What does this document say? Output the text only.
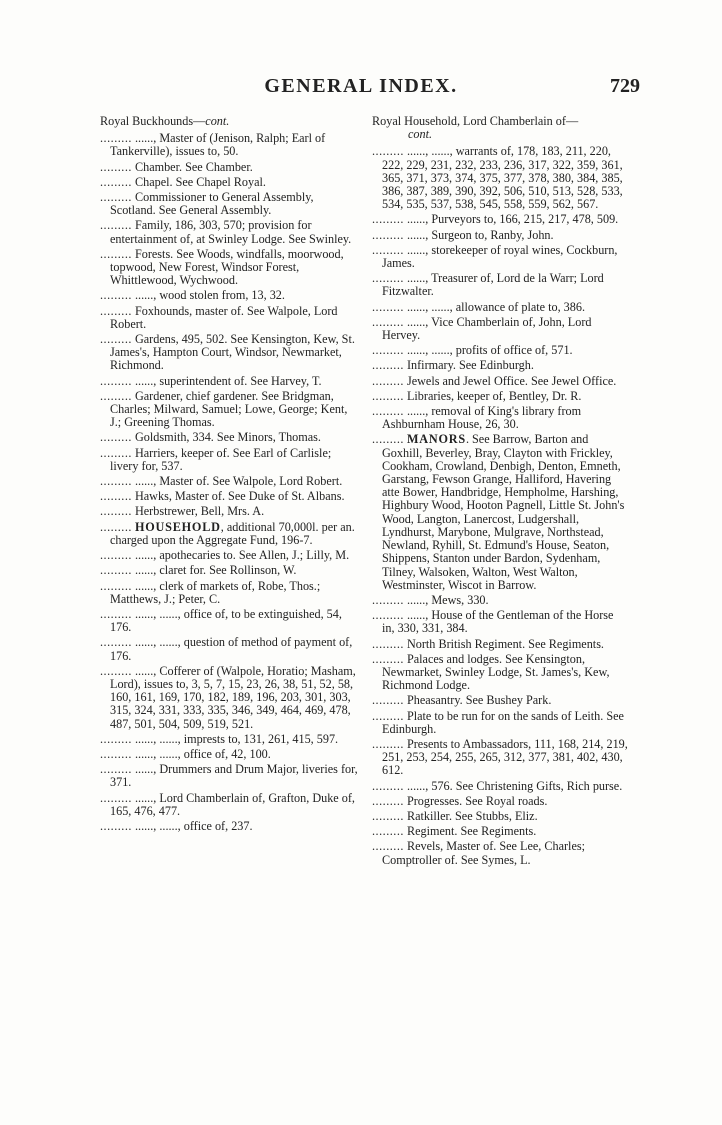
GENERAL INDEX.	729
Royal Buckhounds—cont.
......... ......, Master of (Jenison, Ralph; Earl of Tankerville), issues to, 50.
......... Chamber. See Chamber.
......... Chapel. See Chapel Royal.
......... Commissioner to General Assembly, Scotland. See General Assembly.
......... Family, 186, 303, 570; provision for entertainment of, at Swinley Lodge. See Swinley.
......... Forests. See Woods, windfalls, moorwood, topwood, New Forest, Windsor Forest, Whittlewood, Wychwood.
......... ......, wood stolen from, 13, 32.
......... Foxhounds, master of. See Walpole, Lord Robert.
......... Gardens, 495, 502. See Kensington, Kew, St. James's, Hampton Court, Windsor, Newmarket, Richmond.
......... ......, superintendent of. See Harvey, T.
......... Gardener, chief gardener. See Bridgman, Charles; Milward, Samuel; Lowe, George; Kent, J.; Greening Thomas.
......... Goldsmith, 334. See Minors, Thomas.
......... Harriers, keeper of. See Earl of Carlisle; livery for, 537.
......... ......, Master of. See Walpole, Lord Robert.
......... Hawks, Master of. See Duke of St. Albans.
......... Herbstrewer, Bell, Mrs. A.
......... HOUSEHOLD, additional 70,000l. per an. charged upon the Aggregate Fund, 196-7.
......... ......, apothecaries to. See Allen, J.; Lilly, M.
......... ......, claret for. See Rollinson, W.
......... ......, clerk of markets of, Robe, Thos.; Matthews, J.; Peter, C.
......... ......, ......, office of, to be extinguished, 54, 176.
......... ......, ......, question of method of payment of, 176.
......... ......, Cofferer of (Walpole, Horatio; Masham, Lord), issues to, 3, 5, 7, 15, 23, 26, 38, 51, 52, 58, 160, 161, 169, 170, 182, 189, 196, 203, 301, 303, 315, 324, 331, 333, 335, 346, 349, 464, 469, 478, 487, 501, 504, 509, 519, 521.
......... ......, ......, imprests to, 131, 261, 415, 597.
......... ......, ......, office of, 42, 100.
......... ......, Drummers and Drum Major, liveries for, 371.
......... ......, Lord Chamberlain of, Grafton, Duke of, 165, 476, 477.
......... ......, ......, office of, 237.
Royal Household, Lord Chamberlain of—
cont.
......... ......, ......, warrants of, 178, 183, 211, 220, 222, 229, 231, 232, 233, 236, 317, 322, 359, 361, 365, 371, 373, 374, 375, 377, 378, 380, 384, 385, 386, 387, 389, 390, 392, 506, 510, 513, 528, 533, 534, 535, 537, 538, 545, 558, 559, 562, 567.
......... ......, Purveyors to, 166, 215, 217, 478, 509.
......... ......, Surgeon to, Ranby, John.
......... ......, storekeeper of royal wines, Cockburn, James.
......... ......, Treasurer of, Lord de la Warr; Lord Fitzwalter.
......... ......, ......, allowance of plate to, 386.
......... ......, Vice Chamberlain of, John, Lord Hervey.
......... ......, ......, profits of office of, 571.
......... Infirmary. See Edinburgh.
......... Jewels and Jewel Office. See Jewel Office.
......... Libraries, keeper of, Bentley, Dr. R.
......... ......, removal of King's library from Ashburnham House, 26, 30.
......... MANORS. See Barrow, Barton and Goxhill, Beverley, Bray, Clayton with Frickley, Cookham, Crowland, Denbigh, Denton, Emneth, Garstang, Fewson Grange, Halliford, Havering atte Bower, Handbridge, Hempholme, Harshing, Highbury Wood, Hooton Pagnell, Little St. John's Wood, Langton, Lanercost, Ludgershall, Lyndhurst, Marybone, Mulgrave, Northstead, Newland, Ryhill, St. Edmund's House, Seaton, Shippens, Stanton under Bardon, Sydenham, Tilney, Walsoken, Walton, West Walton, Westminster, Wiscot in Barrow.
......... ......, Mews, 330.
......... ......, House of the Gentleman of the Horse in, 330, 331, 384.
......... North British Regiment. See Regiments.
......... Palaces and lodges. See Kensington, Newmarket, Swinley Lodge, St. James's, Kew, Richmond Lodge.
......... Pheasantry. See Bushey Park.
......... Plate to be run for on the sands of Leith. See Edinburgh.
......... Presents to Ambassadors, 111, 168, 214, 219, 251, 253, 254, 255, 265, 312, 377, 381, 402, 430, 612.
......... ......, 576. See Christening Gifts, Rich purse.
......... Progresses. See Royal roads.
......... Ratkiller. See Stubbs, Eliz.
......... Regiment. See Regiments.
......... Revels, Master of. See Lee, Charles; Comptroller of. See Symes, L.
